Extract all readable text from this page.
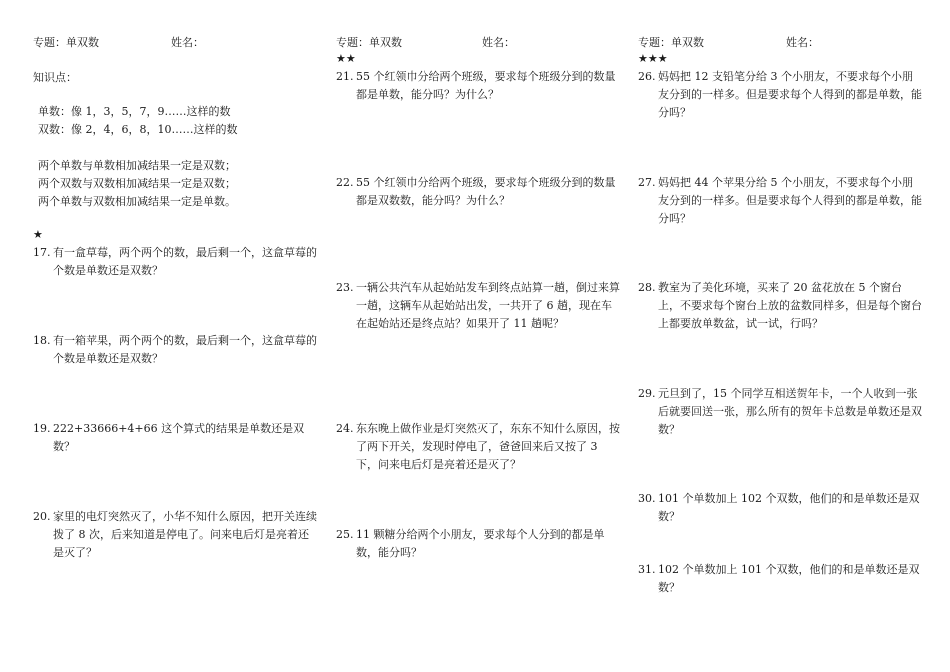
专题：单双数	姓名：
知识点：
单数：像 1，3，5，7，9……这样的数
双数：像 2，4，6，8，10……这样的数
两个单数与单数相加减结果一定是双数；
两个双数与双数相加减结果一定是双数；
两个单数与双数相加减结果一定是单数。
★
17. 有一盒草莓，两个两个的数，最后剩一个，这盒草莓的个数是单数还是双数？
18. 有一箱苹果，两个两个的数，最后剩一个，这盒草莓的个数是单数还是双数？
19. 222+33666+4+66 这个算式的结果是单数还是双数？
20. 家里的电灯突然灭了，小华不知什么原因，把开关连续拨了 8 次，后来知道是停电了。问来电后灯是亮着还是灭了？
专题：单双数	姓名：
★★
21. 55 个红领巾分给两个班级，要求每个班级分到的数量都是单数，能分吗？为什么？
22. 55 个红领巾分给两个班级，要求每个班级分到的数量都是双数数，能分吗？为什么？
23. 一辆公共汽车从起始站发车到终点站算一趟，倒过来算一趟，这辆车从起始站出发，一共开了 6 趟，现在车在起始站还是终点站？如果开了 11 趟呢？
24. 东东晚上做作业是灯突然灭了，东东不知什么原因，按了两下开关，发现时停电了，爸爸回来后又按了 3 下，问来电后灯是亮着还是灭了？
25. 11 颗糖分给两个小朋友，要求每个人分到的都是单数，能分吗？
专题：单双数	姓名：
★★★
26. 妈妈把 12 支铅笔分给 3 个小朋友，不要求每个小朋友分到的一样多。但是要求每个人得到的都是单数，能分吗？
27. 妈妈把 44 个苹果分给 5 个小朋友，不要求每个小朋友分到的一样多。但是要求每个人得到的都是单数，能分吗？
28. 教室为了美化环境，买来了 20 盆花放在 5 个窗台上，不要求每个窗台上放的盆数同样多，但是每个窗台上都要放单数盆，试一试，行吗？
29. 元旦到了，15 个同学互相送贺年卡，一个人收到一张后就要回送一张，那么所有的贺年卡总数是单数还是双数？
30. 101 个单数加上 102 个双数，他们的和是单数还是双数？
31. 102 个单数加上 101 个双数，他们的和是单数还是双数？
